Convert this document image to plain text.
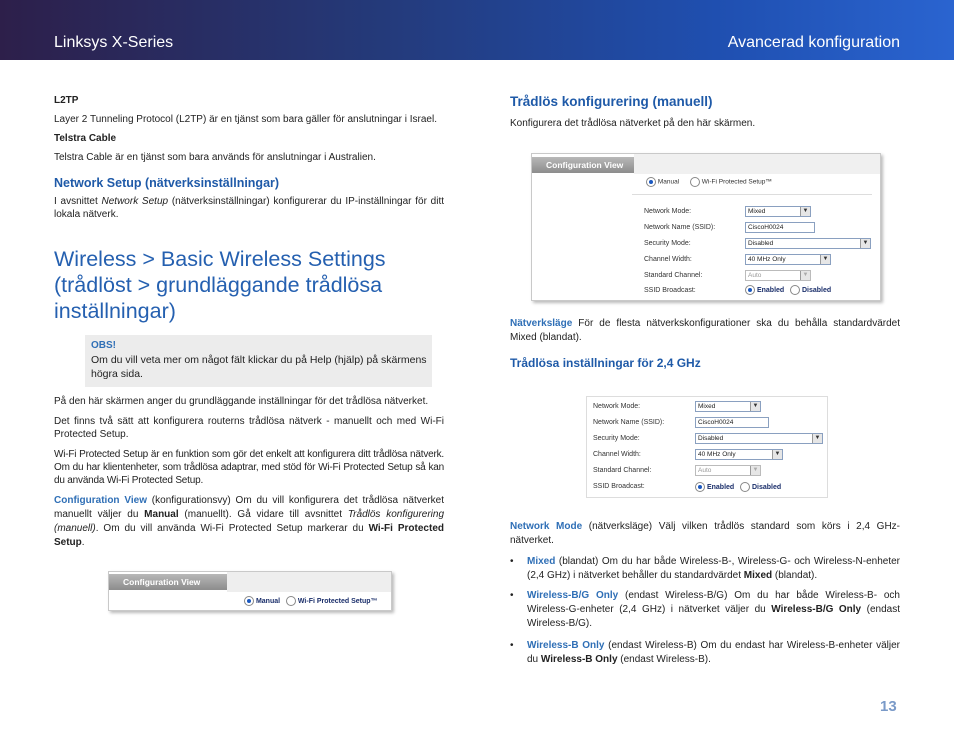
Linksys X-Series	Avancerad konfiguration

L2TP

Layer 2 Tunneling Protocol (L2TP) är en tjänst som bara gäller för anslutningar i Israel.

Telstra Cable

Telstra Cable är en tjänst som bara används för anslutningar i Australien.

Network Setup (nätverksinställningar)

I avsnittet Network Setup (nätverksinställningar) konfigurerar du IP-inställningar för ditt lokala nätverk.

Wireless > Basic Wireless Settings
(trådlöst > grundläggande trådlösa
inställningar)
OBS!
Om du vill veta mer om något fält klickar du på Help (hjälp) på skärmens högra sida.

På den här skärmen anger du grundläggande inställningar för det trådlösa nätverket.

Det finns två sätt att konfigurera routerns trådlösa nätverk - manuellt och med Wi-Fi Protected Setup.

Wi-Fi Protected Setup är en funktion som gör det enkelt att konfigurera ditt trådlösa nätverk. Om du har klientenheter, som trådlösa adaptrar, med stöd för Wi-Fi Protected Setup så kan du använda Wi-Fi Protected Setup.

Configuration View (konfigurationsvy) Om du vill konfigurera det trådlösa nätverket manuellt väljer du Manual (manuellt). Gå vidare till avsnittet Trådlös konfigurering (manuell). Om du vill använda Wi-Fi Protected Setup markerar du Wi-Fi Protected Setup.

Configuration View
Manual	Wi-Fi Protected Setup™

Trådlös konfigurering (manuell)

Konfigurera det trådlösa nätverket på den här skärmen.

Configuration View
Manual	Wi-Fi Protected Setup™
Network Mode:	Mixed	▼
Network Name (SSID):	CiscoH0024
Security Mode:	Disabled	▼
Channel Width:	40 MHz Only	▼
Standard Channel:	Auto	▼
SSID Broadcast:	Enabled	Disabled
Nätverksläge För de flesta nätverkskonfigurationer ska du behålla standardvärdet Mixed (blandat).

Trådlösa inställningar för 2,4 GHz

Network Mode:	Mixed	▼
Network Name (SSID):	CiscoH0024
Security Mode:	Disabled	▼
Channel Width:	40 MHz Only	▼
Standard Channel:	Auto	▼
SSID Broadcast:	Enabled	Disabled
Network Mode (nätverksläge) Välj vilken trådlös standard som körs i 2,4 GHz-nätverket.
• Mixed (blandat) Om du har både Wireless-B-, Wireless-G- och Wireless-N-enheter (2,4 GHz) i nätverket behåller du standardvärdet Mixed (blandat).
• Wireless-B/G Only (endast Wireless-B/G) Om du har både Wireless-B- och Wireless-G-enheter (2,4 GHz) i nätverket väljer du Wireless-B/G Only (endast Wireless-B/G).
• Wireless-B Only (endast Wireless-B) Om du endast har Wireless-B-enheter väljer du Wireless-B Only (endast Wireless-B).
13
